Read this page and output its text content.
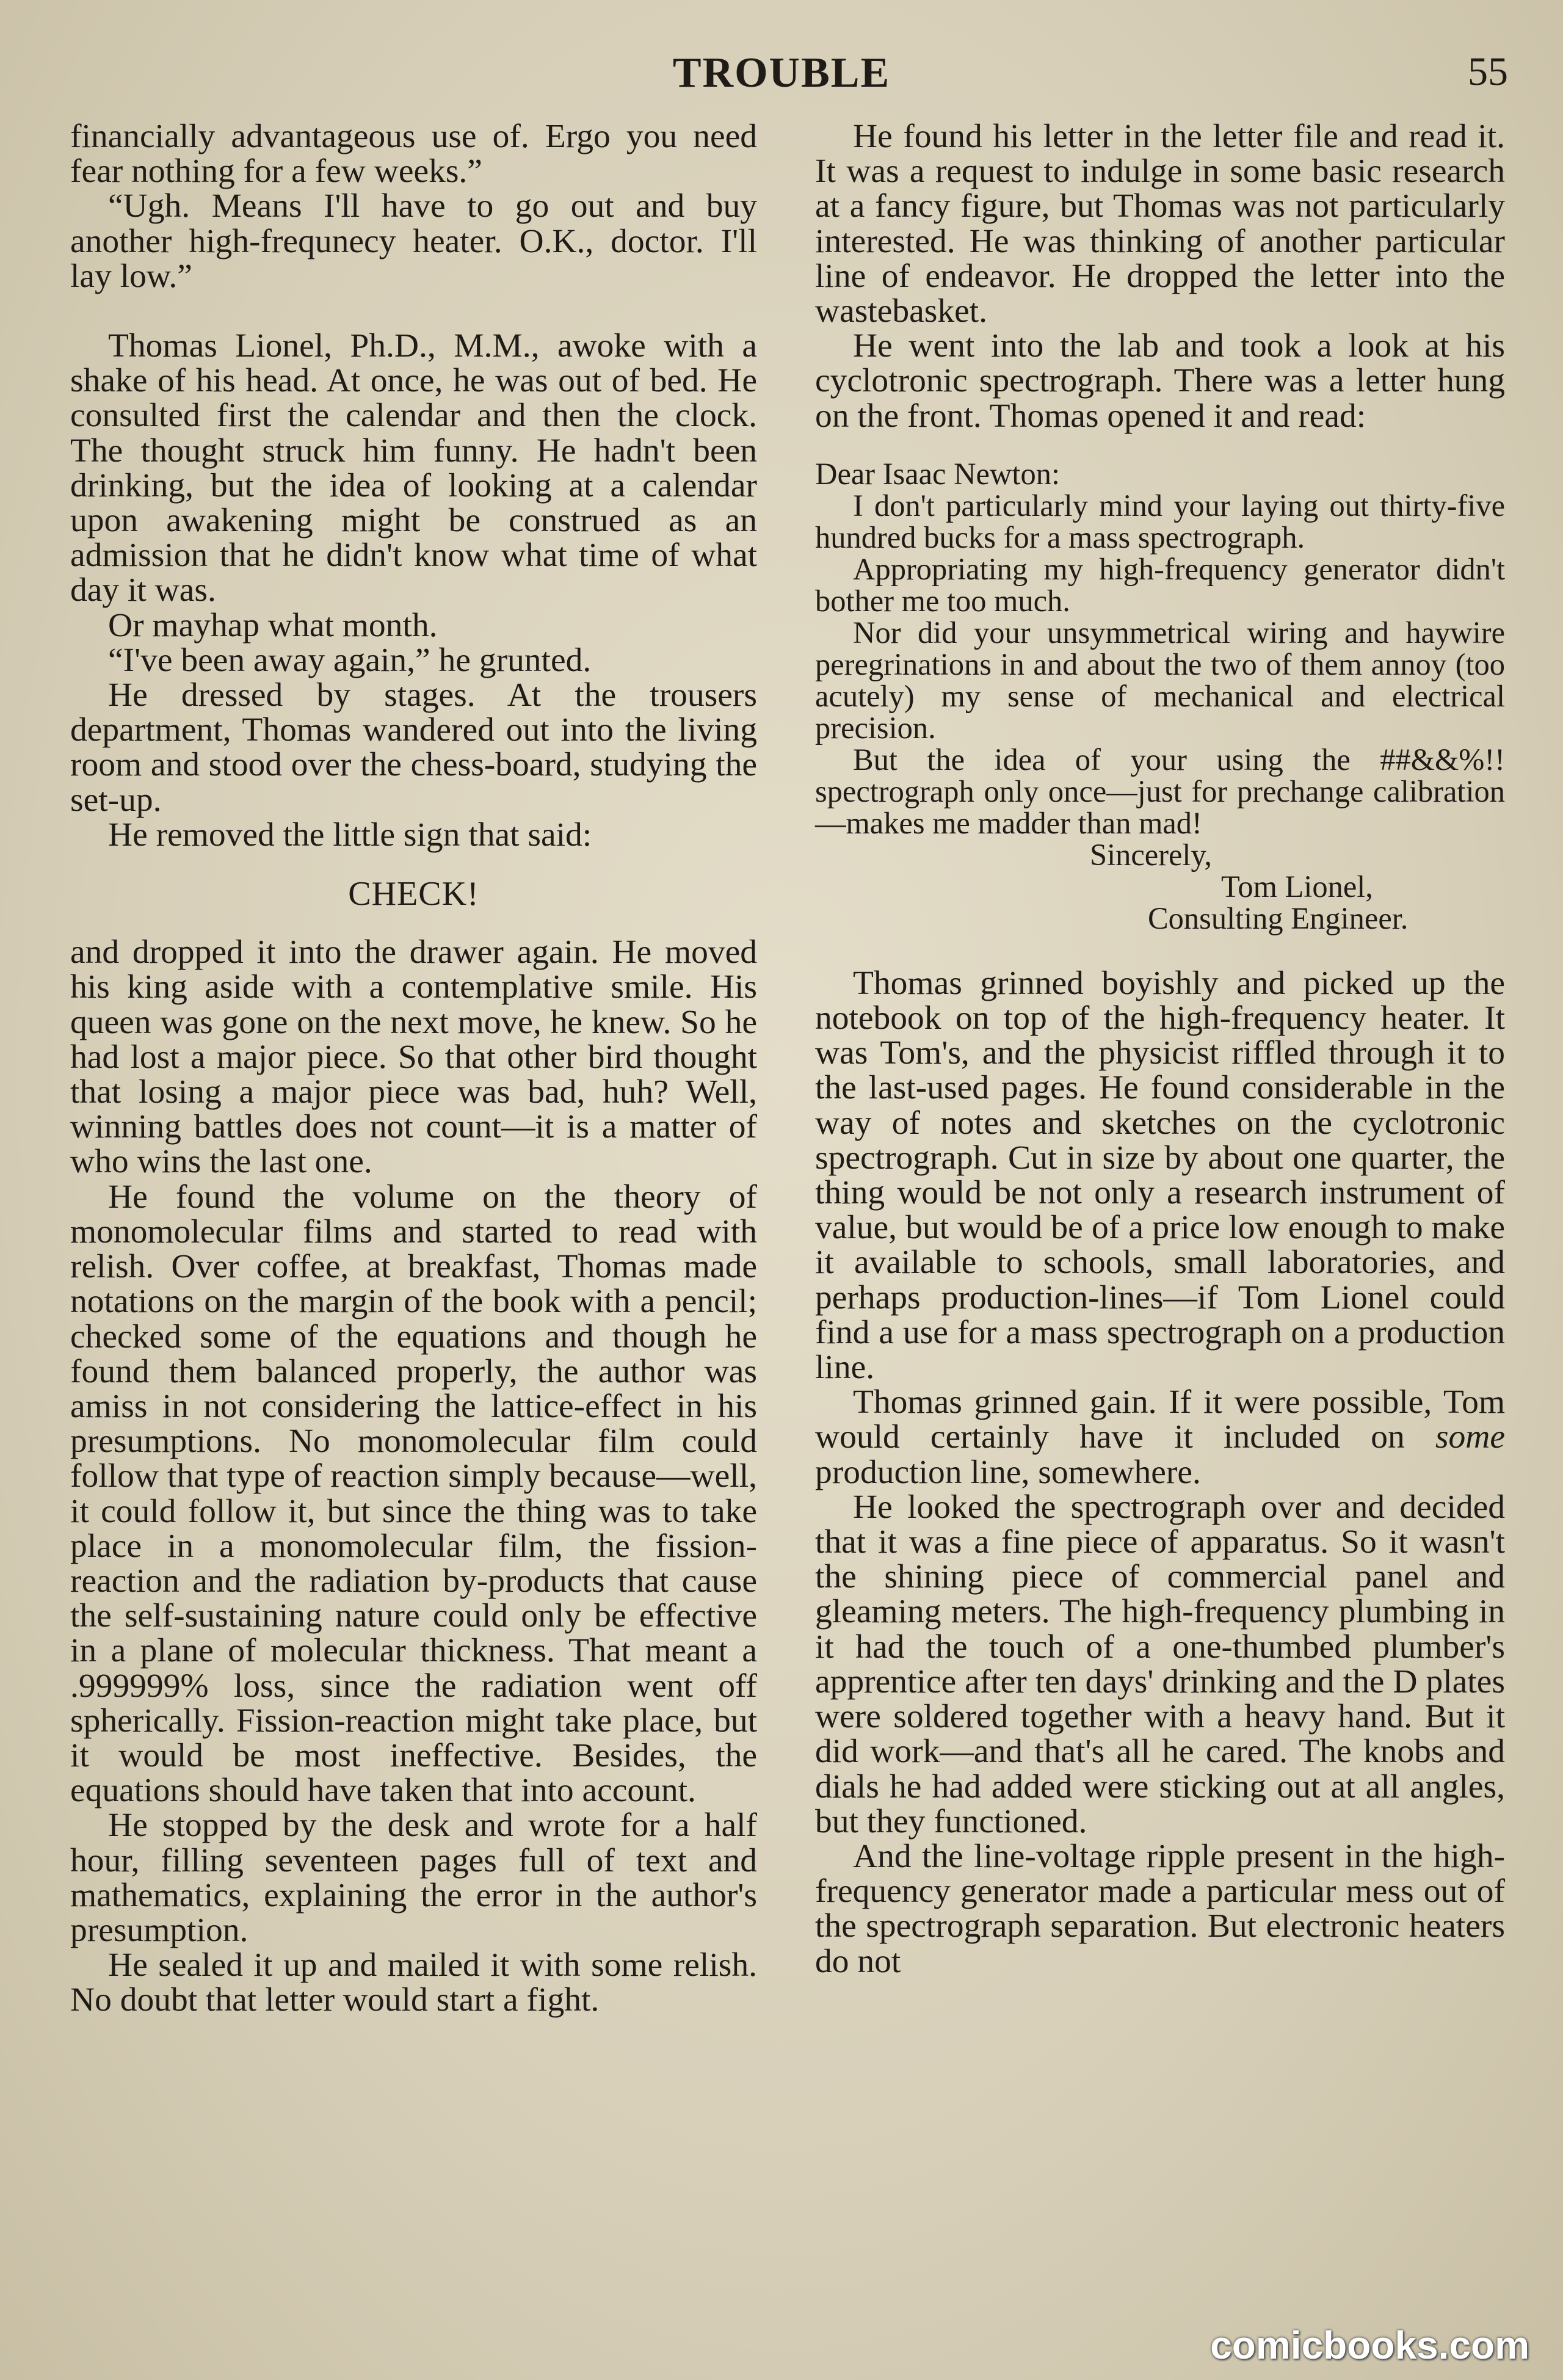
TROUBLE	55

financially advantageous use of. Ergo you need fear nothing for a few weeks.”

“Ugh. Means I'll have to go out and buy another high-frequnecy heater. O.K., doctor. I'll lay low.”

Thomas Lionel, Ph.D., M.M., awoke with a shake of his head. At once, he was out of bed. He consulted first the calendar and then the clock. The thought struck him funny. He hadn't been drinking, but the idea of looking at a calendar upon awakening might be construed as an admission that he didn't know what time of what day it was.

Or mayhap what month.

“I've been away again,” he grunted.

He dressed by stages. At the trousers department, Thomas wandered out into the living room and stood over the chess-board, studying the set-up.

He removed the little sign that said:

CHECK!

and dropped it into the drawer again. He moved his king aside with a contemplative smile. His queen was gone on the next move, he knew. So he had lost a major piece. So that other bird thought that losing a major piece was bad, huh? Well, winning battles does not count—it is a matter of who wins the last one.

He found the volume on the theory of monomolecular films and started to read with relish. Over coffee, at breakfast, Thomas made notations on the margin of the book with a pencil; checked some of the equations and though he found them balanced properly, the author was amiss in not considering the lattice-effect in his presumptions. No monomolecular film could follow that type of reaction simply because—well, it could follow it, but since the thing was to take place in a monomolecular film, the fission-reaction and the radiation by-products that cause the self-sustaining nature could only be effective in a plane of molecular thickness. That meant a .999999% loss, since the radiation went off spherically. Fission-reaction might take place, but it would be most ineffective. Besides, the equations should have taken that into account.

He stopped by the desk and wrote for a half hour, filling seventeen pages full of text and mathematics, explaining the error in the author's presumption.

He sealed it up and mailed it with some relish. No doubt that letter would start a fight.

He found his letter in the letter file and read it. It was a request to indulge in some basic research at a fancy figure, but Thomas was not particularly interested. He was thinking of another particular line of endeavor. He dropped the letter into the wastebasket.

He went into the lab and took a look at his cyclotronic spectrograph. There was a letter hung on the front. Thomas opened it and read:

Dear Isaac Newton:

I don't particularly mind your laying out thirty-five hundred bucks for a mass spectrograph.

Appropriating my high-frequency generator didn't bother me too much.

Nor did your unsymmetrical wiring and haywire peregrinations in and about the two of them annoy (too acutely) my sense of mechanical and electrical precision.

But the idea of your using the ##&&%!! spectrograph only once—just for prechange calibration—makes me madder than mad!

Sincerely,

Tom Lionel,

Consulting Engineer.

Thomas grinned boyishly and picked up the notebook on top of the high-frequency heater. It was Tom's, and the physicist riffled through it to the last-used pages. He found considerable in the way of notes and sketches on the cyclotronic spectrograph. Cut in size by about one quarter, the thing would be not only a research instrument of value, but would be of a price low enough to make it available to schools, small laboratories, and perhaps production-lines—if Tom Lionel could find a use for a mass spectrograph on a production line.

Thomas grinned gain. If it were possible, Tom would certainly have it included on some production line, somewhere.

He looked the spectrograph over and decided that it was a fine piece of apparatus. So it wasn't the shining piece of commercial panel and gleaming meters. The high-frequency plumbing in it had the touch of a one-thumbed plumber's apprentice after ten days' drinking and the D plates were soldered together with a heavy hand. But it did work—and that's all he cared. The knobs and dials he had added were sticking out at all angles, but they functioned.

And the line-voltage ripple present in the high-frequency generator made a particular mess out of the spectrograph separation. But electronic heaters do not

comicbooks.com
